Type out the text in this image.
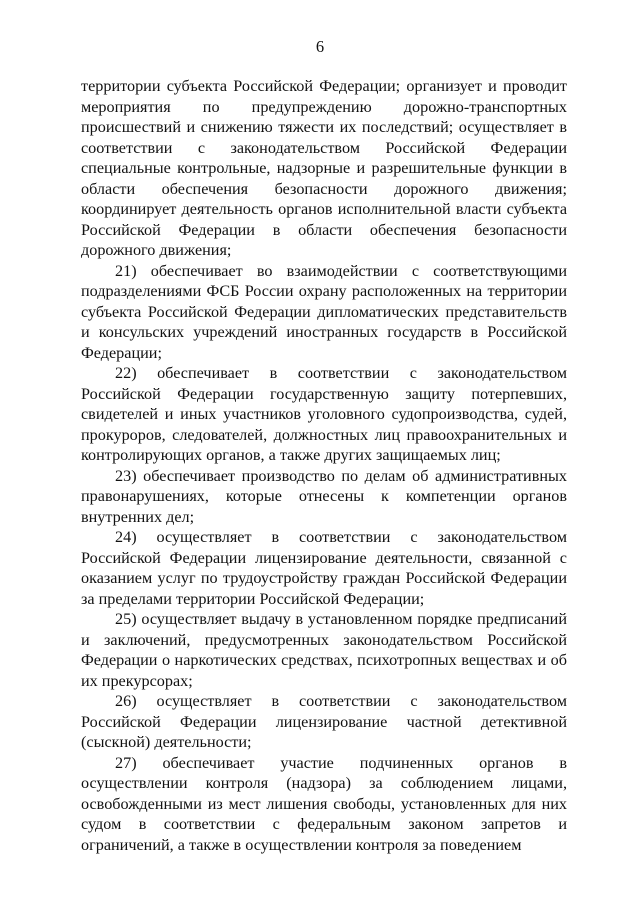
6

территории субъекта Российской Федерации; организует и проводит мероприятия по предупреждению дорожно-транспортных происшествий и снижению тяжести их последствий; осуществляет в соответствии с законодательством Российской Федерации специальные контрольные, надзорные и разрешительные функции в области обеспечения безопасности дорожного движения; координирует деятельность органов исполнительной власти субъекта Российской Федерации в области обеспечения безопасности дорожного движения;

21) обеспечивает во взаимодействии с соответствующими подразделениями ФСБ России охрану расположенных на территории субъекта Российской Федерации дипломатических представительств и консульских учреждений иностранных государств в Российской Федерации;

22) обеспечивает в соответствии с законодательством Российской Федерации государственную защиту потерпевших, свидетелей и иных участников уголовного судопроизводства, судей, прокуроров, следователей, должностных лиц правоохранительных и контролирующих органов, а также других защищаемых лиц;

23) обеспечивает производство по делам об административных правонарушениях, которые отнесены к компетенции органов внутренних дел;

24) осуществляет в соответствии с законодательством Российской Федерации лицензирование деятельности, связанной с оказанием услуг по трудоустройству граждан Российской Федерации за пределами территории Российской Федерации;

25) осуществляет выдачу в установленном порядке предписаний и заключений, предусмотренных законодательством Российской Федерации о наркотических средствах, психотропных веществах и об их прекурсорах;

26) осуществляет в соответствии с законодательством Российской Федерации лицензирование частной детективной (сыскной) деятельности;

27) обеспечивает участие подчиненных органов в осуществлении контроля (надзора) за соблюдением лицами, освобожденными из мест лишения свободы, установленных для них судом в соответствии с федеральным законом запретов и ограничений, а также в осуществлении контроля за поведением
